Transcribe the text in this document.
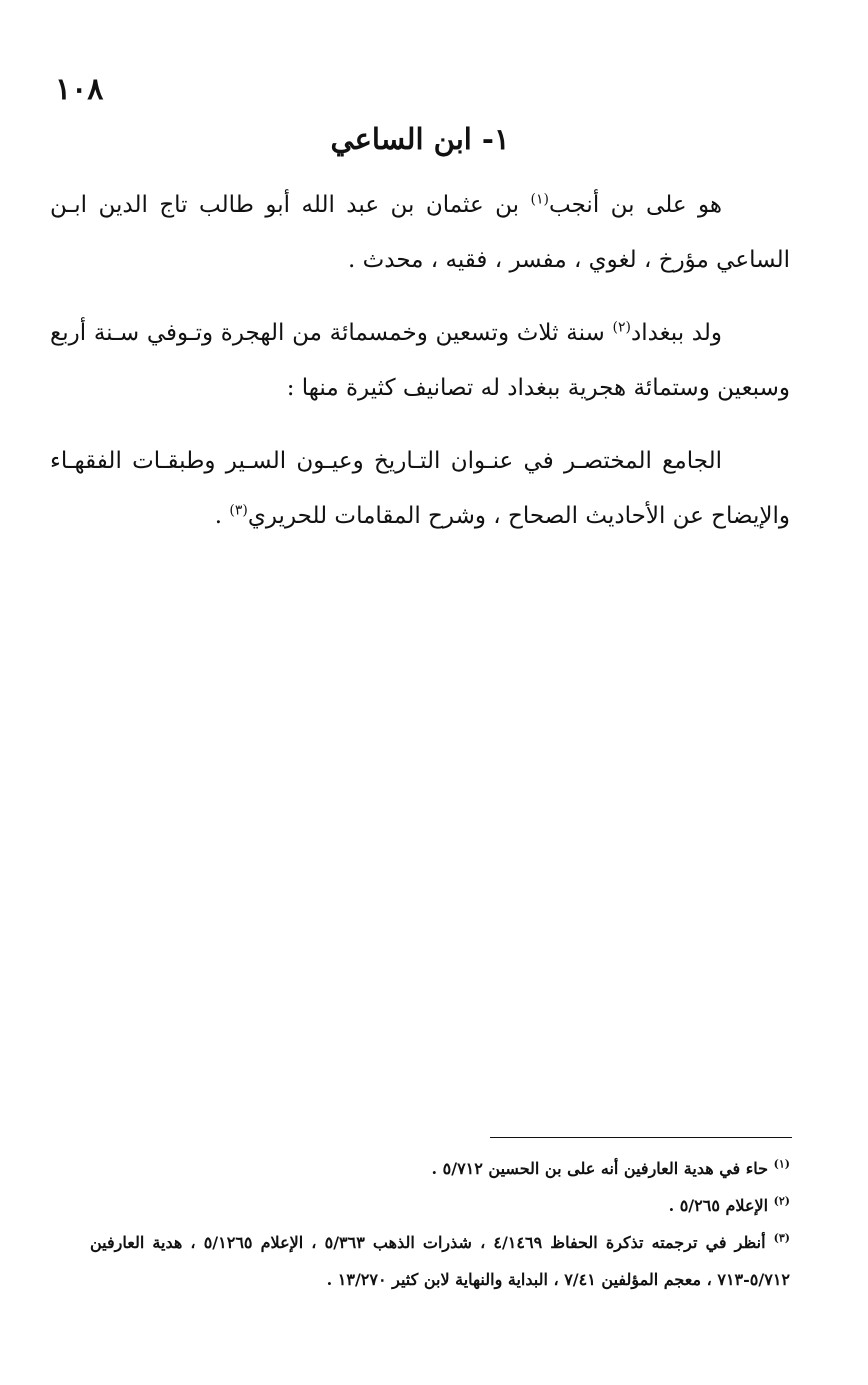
١٠٨
١- ابن الساعي

هو على بن أنجب$^{(١)}$ بن عثمان بن عبد الله أبو طالب تاج الدين ابـن الساعي مؤرخ ، لغوي ، مفسر ، فقيه ، محدث .

ولد ببغداد$^{(٢)}$ سنة ثلاث وتسعين وخمسمائة من الهجرة وتـوفي سـنة أربع وسبعين وستمائة هجرية ببغداد له تصانيف كثيرة منها :

الجامع المختصـر في عنـوان التـاريخ وعيـون السـير وطبقـات الفقهـاء والإيضاح عن الأحاديث الصحاح ، وشرح المقامات للحريري$^{(٣)}$ .

$^{(١)}$ حاء في هدية العارفين أنه على بن الحسين ٥/٧١٢ .

$^{(٢)}$ الإعلام ٥/٢٦٥ .

$^{(٣)}$ أنظر في ترجمته تذكرة الحفاظ ٤/١٤٦٩ ، شذرات الذهب ٥/٣٦٣ ، الإعلام ٥/١٢٦٥ ، هدية العارفين ٥/٧١٢-٧١٣ ، معجم المؤلفين ٧/٤١ ، البداية والنهاية لابن كثير ١٣/٢٧٠ .
